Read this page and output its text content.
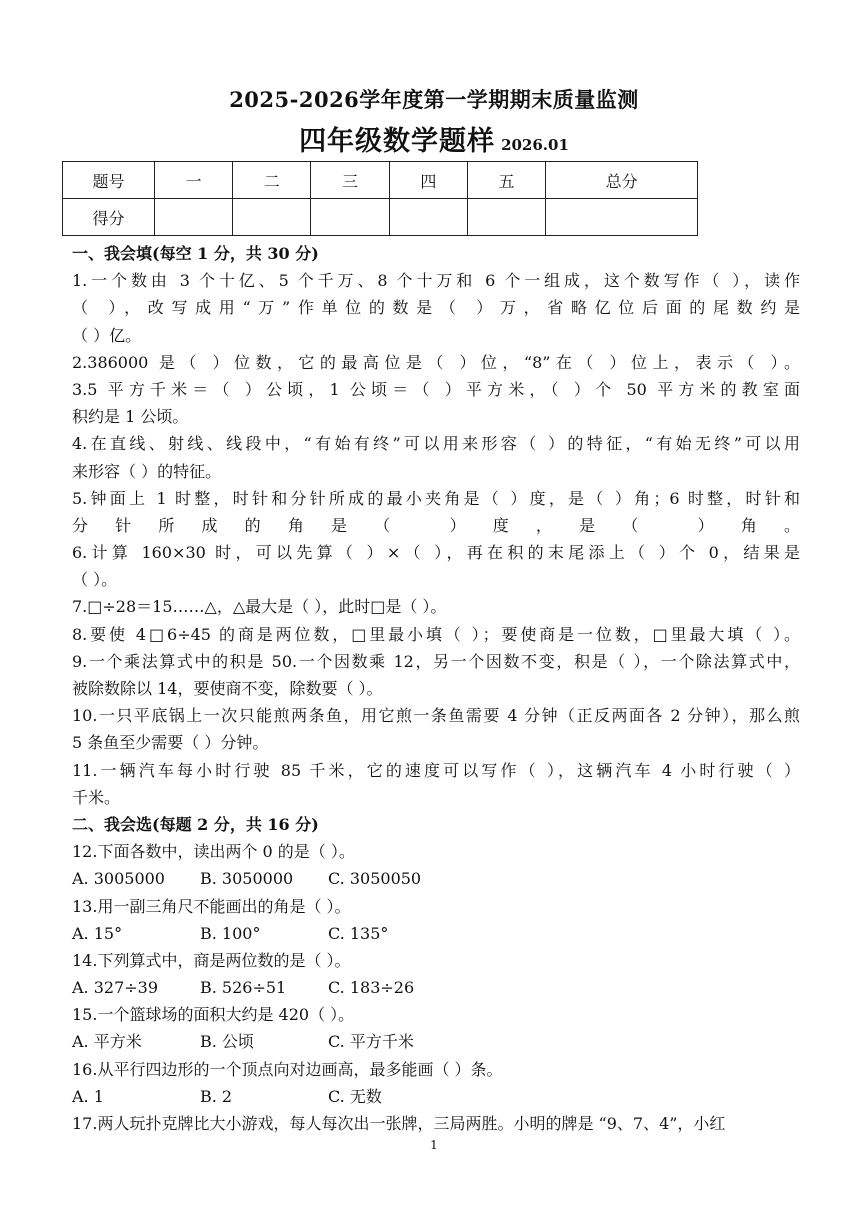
2025-2026学年度第一学期期末质量监测
四年级数学题样 2026.01
题号	一	二	三	四	五	总分
得分						
一、我会填(每空 1 分，共 30 分)
1.一个数由 3 个十亿、5 个千万、8 个十万和 6 个一组成，这个数写作（ ），读作
（ ），改写成用“万”作单位的数是（ ）万，省略亿位后面的尾数约是
（ ）亿。
2.386000 是（ ）位数，它的最高位是（ ）位，“8”在（ ）位上，表示（ ）。
3.5 平方千米＝（ ）公顷，1 公顷＝（ ）平方米，（ ）个 50 平方米的教室面
积约是 1 公顷。
4.在直线、射线、线段中，“有始有终”可以用来形容（ ）的特征，“有始无终”可以用
来形容（ ）的特征。
5.钟面上 1 时整，时针和分针所成的最小夹角是（ ）度，是（ ）角；6 时整，时针和
分针所成的角是（ ）度，是（ ）角。
6.计算 160×30 时，可以先算（ ）×（ ），再在积的末尾添上（ ）个 0，结果是
（ ）。
7.□÷28＝15……△，△最大是（ ），此时□是（ ）。
8.要使 4□6÷45 的商是两位数，□里最小填（ ）；要使商是一位数，□里最大填（ ）。
9.一个乘法算式中的积是 50.一个因数乘 12，另一个因数不变，积是（ ），一个除法算式中，
被除数除以 14，要使商不变，除数要（ ）。
10.一只平底锅上一次只能煎两条鱼，用它煎一条鱼需要 4 分钟（正反两面各 2 分钟），那么煎
5 条鱼至少需要（ ）分钟。
11.一辆汽车每小时行驶 85 千米，它的速度可以写作（ ），这辆汽车 4 小时行驶（ ）
千米。
二、我会选(每题 2 分，共 16 分)
12.下面各数中，读出两个 0 的是（ ）。
A. 3005000 B. 3050000 C. 3050050
13.用一副三角尺不能画出的角是（ ）。
A. 15°	B. 100°	C. 135°
14.下列算式中，商是两位数的是（ ）。
A. 327÷39	B. 526÷51	C. 183÷26
15.一个篮球场的面积大约是 420（ ）。
A. 平方米	B. 公顷	C. 平方千米
16.从平行四边形的一个顶点向对边画高，最多能画（ ）条。
A. 1	B. 2	C. 无数
17.两人玩扑克牌比大小游戏，每人每次出一张牌，三局两胜。小明的牌是 “9、7、4”，小红
1
